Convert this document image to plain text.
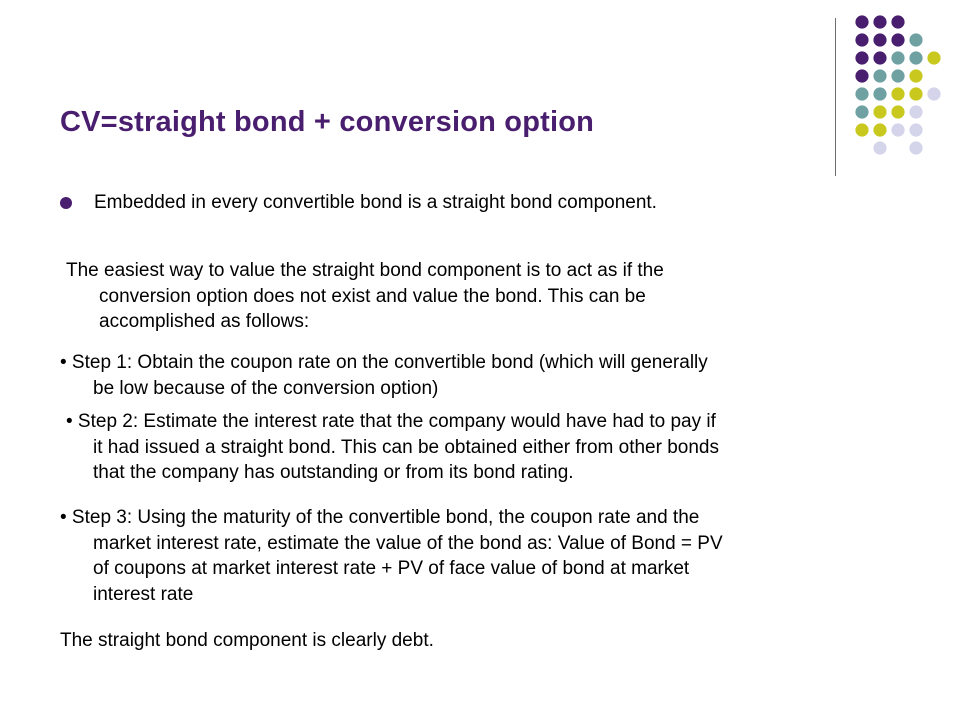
CV=straight bond + conversion option
Embedded in every convertible bond is a straight bond component.
The easiest way to value the straight bond component is to act as if the
conversion option does not exist and value the bond. This can be
accomplished as follows:
• Step 1: Obtain the coupon rate on the convertible bond (which will generally
be low because of the conversion option)
• Step 2: Estimate the interest rate that the company would have had to pay if
it had issued a straight bond. This can be obtained either from other bonds
that the company has outstanding or from its bond rating.
• Step 3: Using the maturity of the convertible bond, the coupon rate and the
market interest rate, estimate the value of the bond as: Value of Bond = PV
of coupons at market interest rate + PV of face value of bond at market
interest rate
The straight bond component is clearly debt.
